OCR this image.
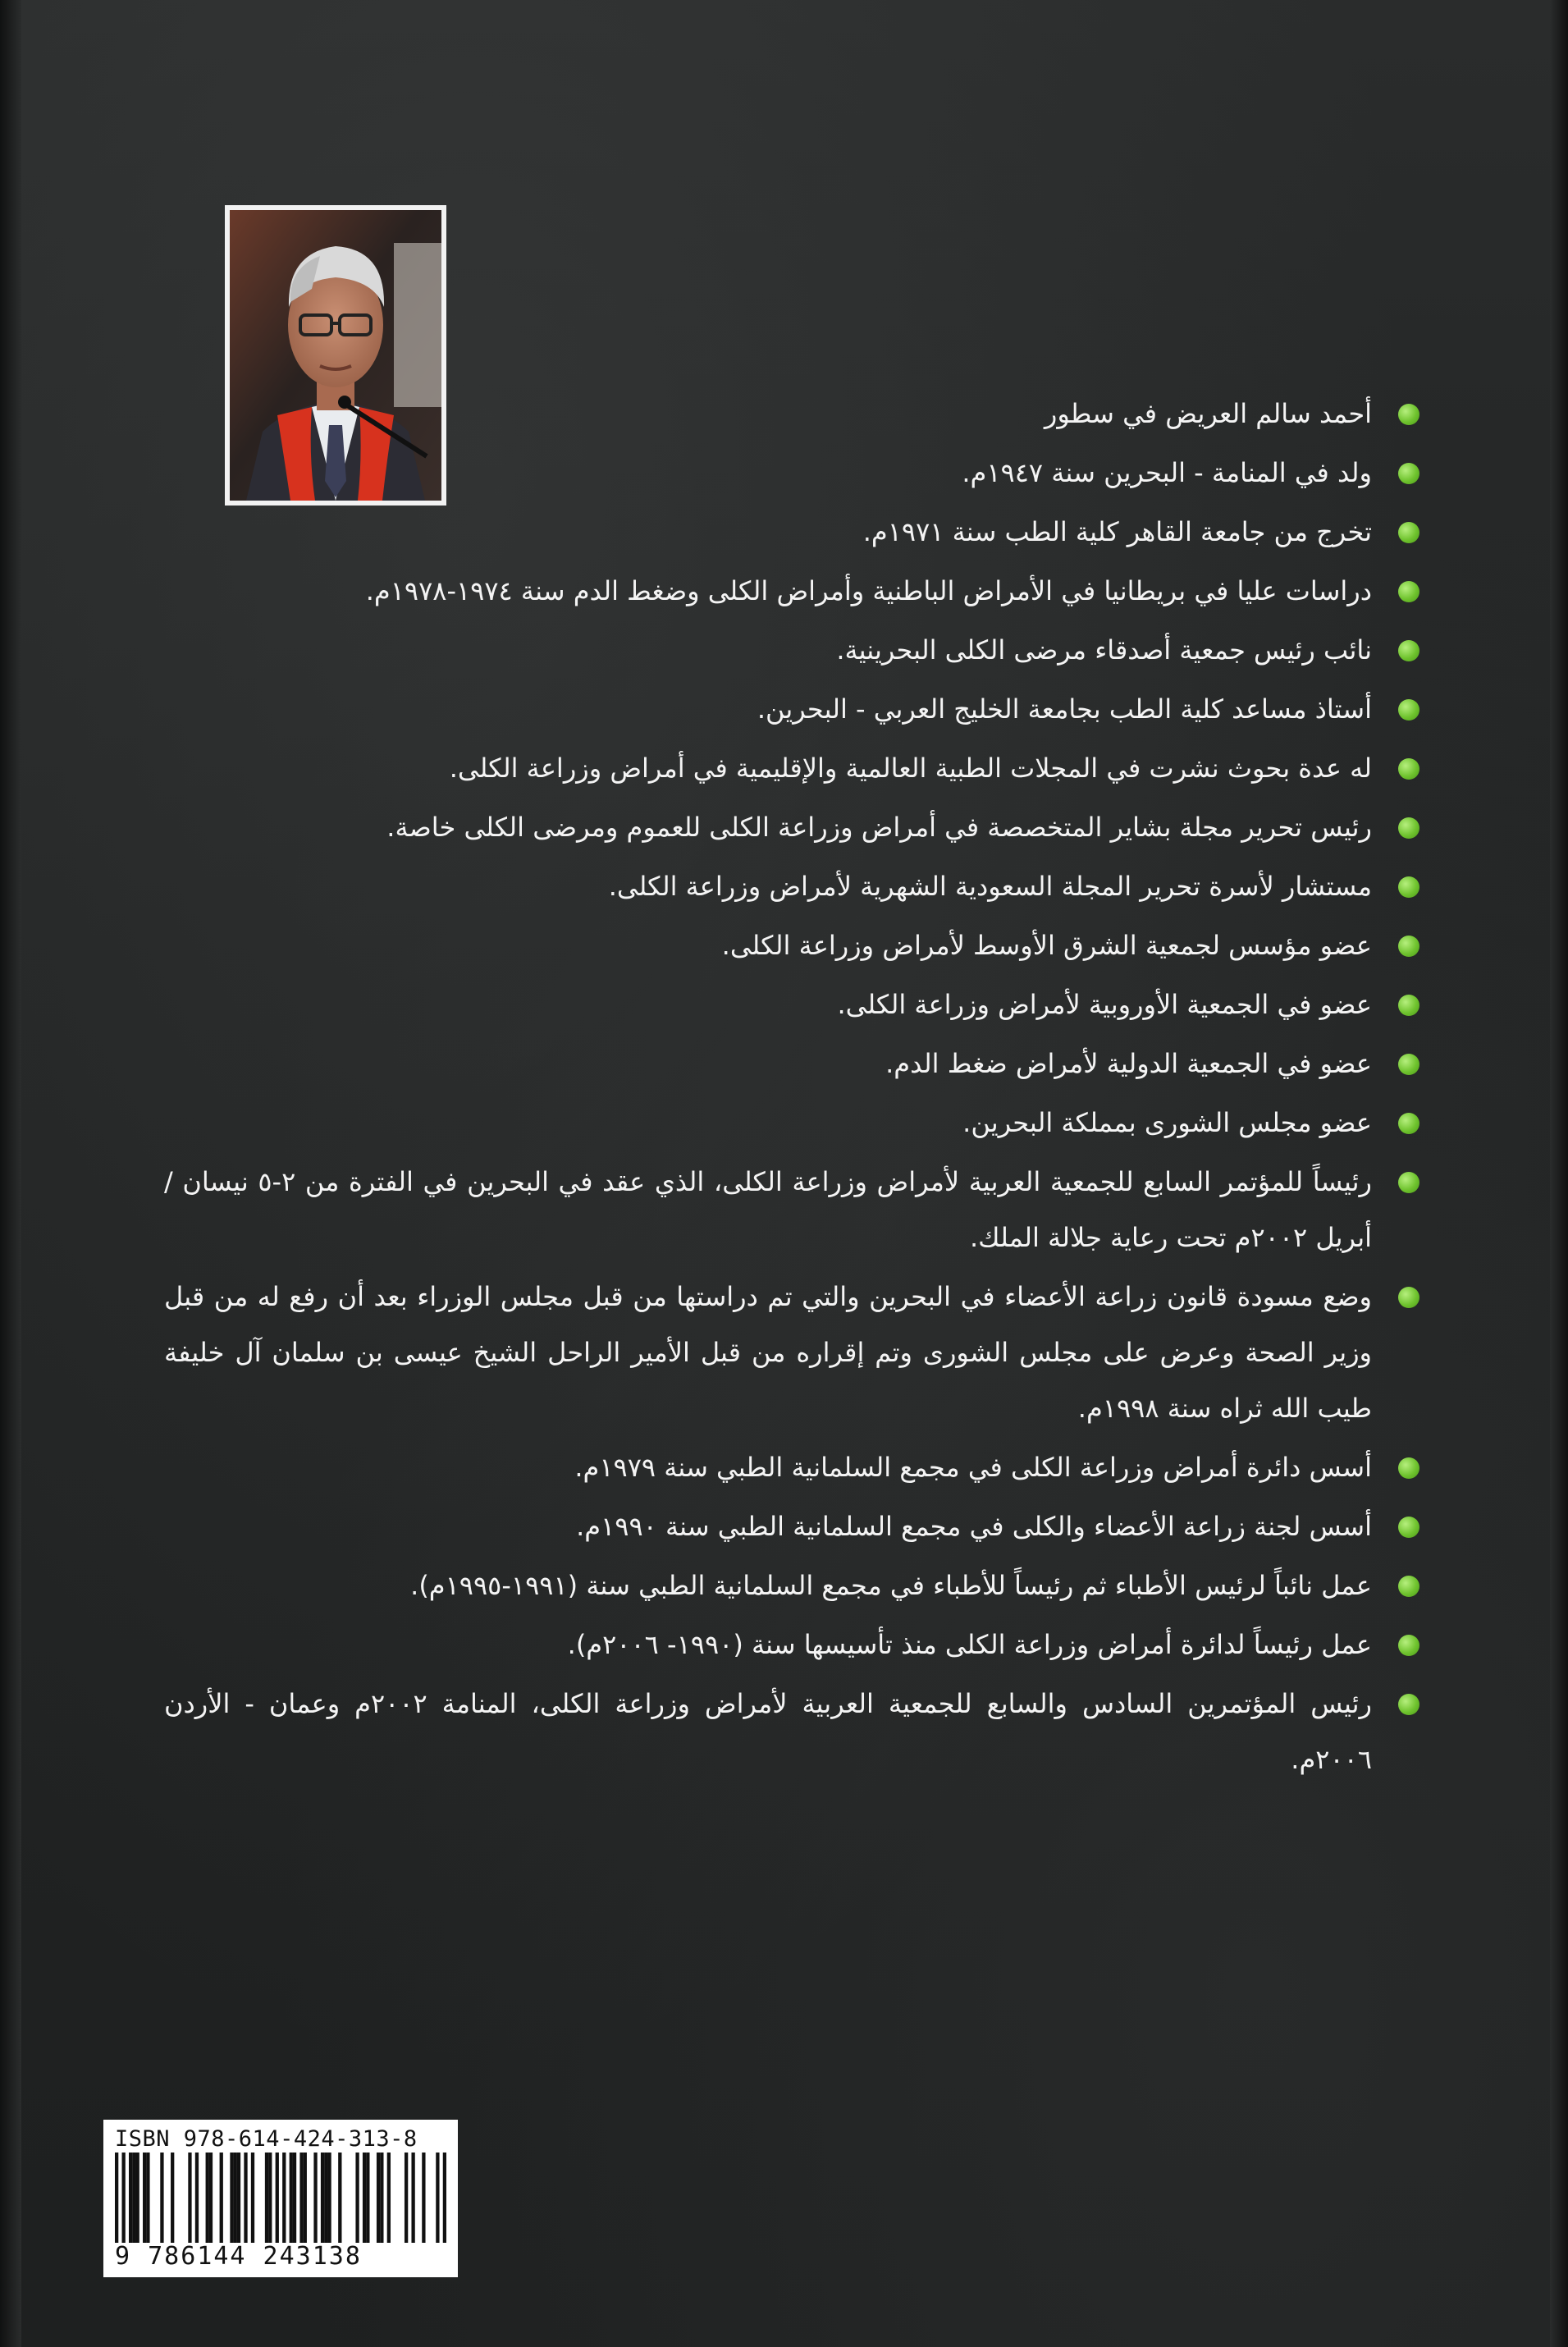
أحمد سالم العريض في سطور
ولد في المنامة - البحرين سنة ١٩٤٧م.
تخرج من جامعة القاهر كلية الطب سنة ١٩٧١م.
دراسات عليا في بريطانيا في الأمراض الباطنية وأمراض الكلى وضغط الدم سنة ١٩٧٤-١٩٧٨م.
نائب رئيس جمعية أصدقاء مرضى الكلى البحرينية.
أستاذ مساعد كلية الطب بجامعة الخليج العربي - البحرين.
له عدة بحوث نشرت في المجلات الطبية العالمية والإقليمية في أمراض وزراعة الكلى.
رئيس تحرير مجلة بشاير المتخصصة في أمراض وزراعة الكلى للعموم ومرضى الكلى خاصة.
مستشار لأسرة تحرير المجلة السعودية الشهرية لأمراض وزراعة الكلى.
عضو مؤسس لجمعية الشرق الأوسط لأمراض وزراعة الكلى.
عضو في الجمعية الأوروبية لأمراض وزراعة الكلى.
عضو في الجمعية الدولية لأمراض ضغط الدم.
عضو مجلس الشورى بمملكة البحرين.
رئيساً للمؤتمر السابع للجمعية العربية لأمراض وزراعة الكلى، الذي عقد في البحرين في الفترة من ٢-٥ نيسان / أبريل ٢٠٠٢م تحت رعاية جلالة الملك.
وضع مسودة قانون زراعة الأعضاء في البحرين والتي تم دراستها من قبل مجلس الوزراء بعد أن رفع له من قبل وزير الصحة وعرض على مجلس الشورى وتم إقراره من قبل الأمير الراحل الشيخ عيسى بن سلمان آل خليفة طيب الله ثراه سنة ١٩٩٨م.
أسس دائرة أمراض وزراعة الكلى في مجمع السلمانية الطبي سنة ١٩٧٩م.
أسس لجنة زراعة الأعضاء والكلى في مجمع السلمانية الطبي سنة ١٩٩٠م.
عمل نائباً لرئيس الأطباء ثم رئيساً للأطباء في مجمع السلمانية الطبي سنة (١٩٩١-١٩٩٥م).
عمل رئيساً لدائرة أمراض وزراعة الكلى منذ تأسيسها سنة (١٩٩٠- ٢٠٠٦م).
رئيس المؤتمرين السادس والسابع للجمعية العربية لأمراض وزراعة الكلى، المنامة ٢٠٠٢م وعمان - الأردن ٢٠٠٦م.
ISBN 978-614-424-313-8
9 786144 243138
